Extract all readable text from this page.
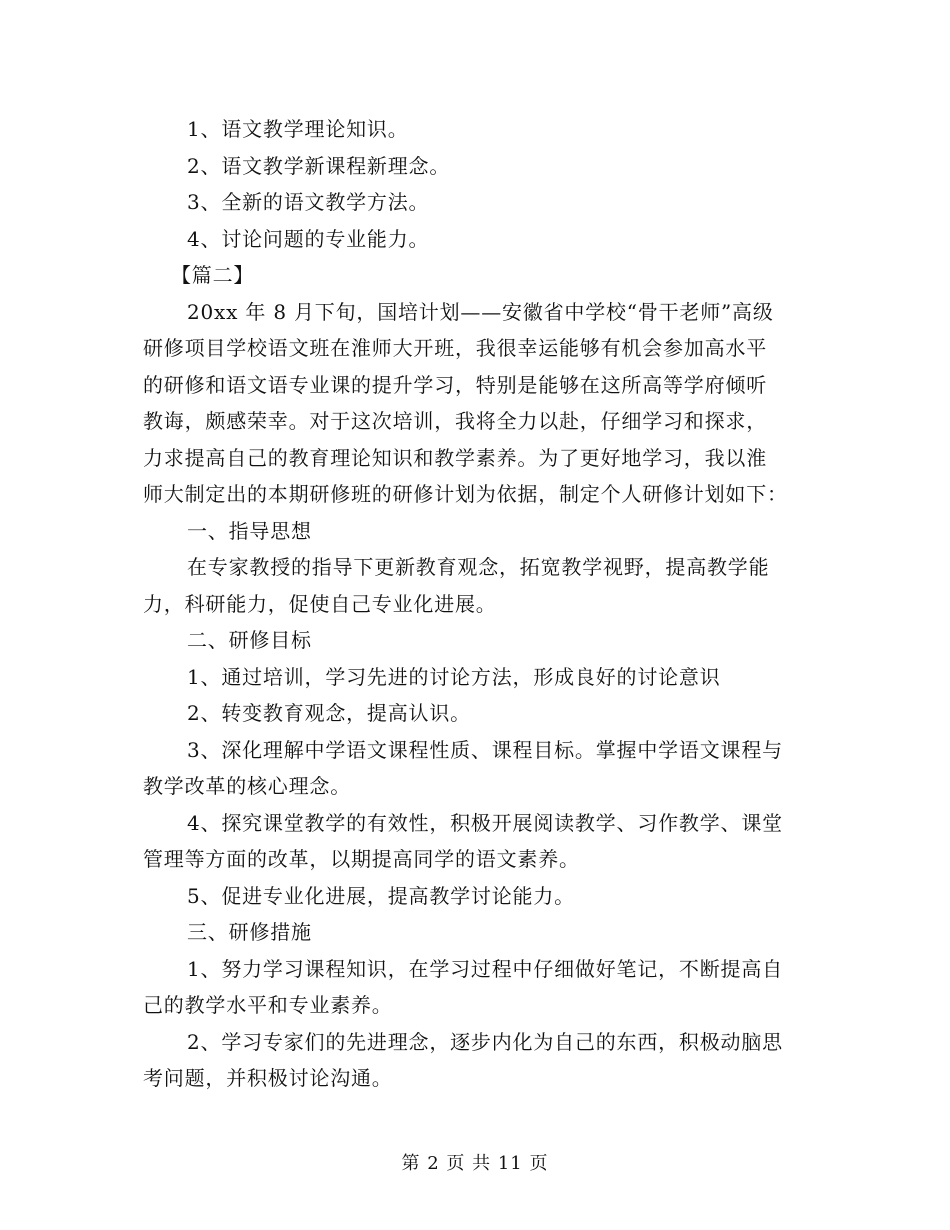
1、语文教学理论知识。
2、语文教学新课程新理念。
3、全新的语文教学方法。
4、讨论问题的专业能力。
【篇二】
20xx 年 8 月下旬，国培计划——安徽省中学校“骨干老师”高级
研修项目学校语文班在淮师大开班，我很幸运能够有机会参加高水平
的研修和语文语专业课的提升学习，特别是能够在这所高等学府倾听
教诲，颇感荣幸。对于这次培训，我将全力以赴，仔细学习和探求，
力求提高自己的教育理论知识和教学素养。为了更好地学习，我以淮
师大制定出的本期研修班的研修计划为依据，制定个人研修计划如下：
一、指导思想
在专家教授的指导下更新教育观念，拓宽教学视野，提高教学能
力，科研能力，促使自己专业化进展。
二、研修目标
1、通过培训，学习先进的讨论方法，形成良好的讨论意识
2、转变教育观念，提高认识。
3、深化理解中学语文课程性质、课程目标。掌握中学语文课程与
教学改革的核心理念。
4、探究课堂教学的有效性，积极开展阅读教学、习作教学、课堂
管理等方面的改革，以期提高同学的语文素养。
5、促进专业化进展，提高教学讨论能力。
三、研修措施
1、努力学习课程知识，在学习过程中仔细做好笔记，不断提高自
己的教学水平和专业素养。
2、学习专家们的先进理念，逐步内化为自己的东西，积极动脑思
考问题，并积极讨论沟通。
第 2 页 共 11 页
